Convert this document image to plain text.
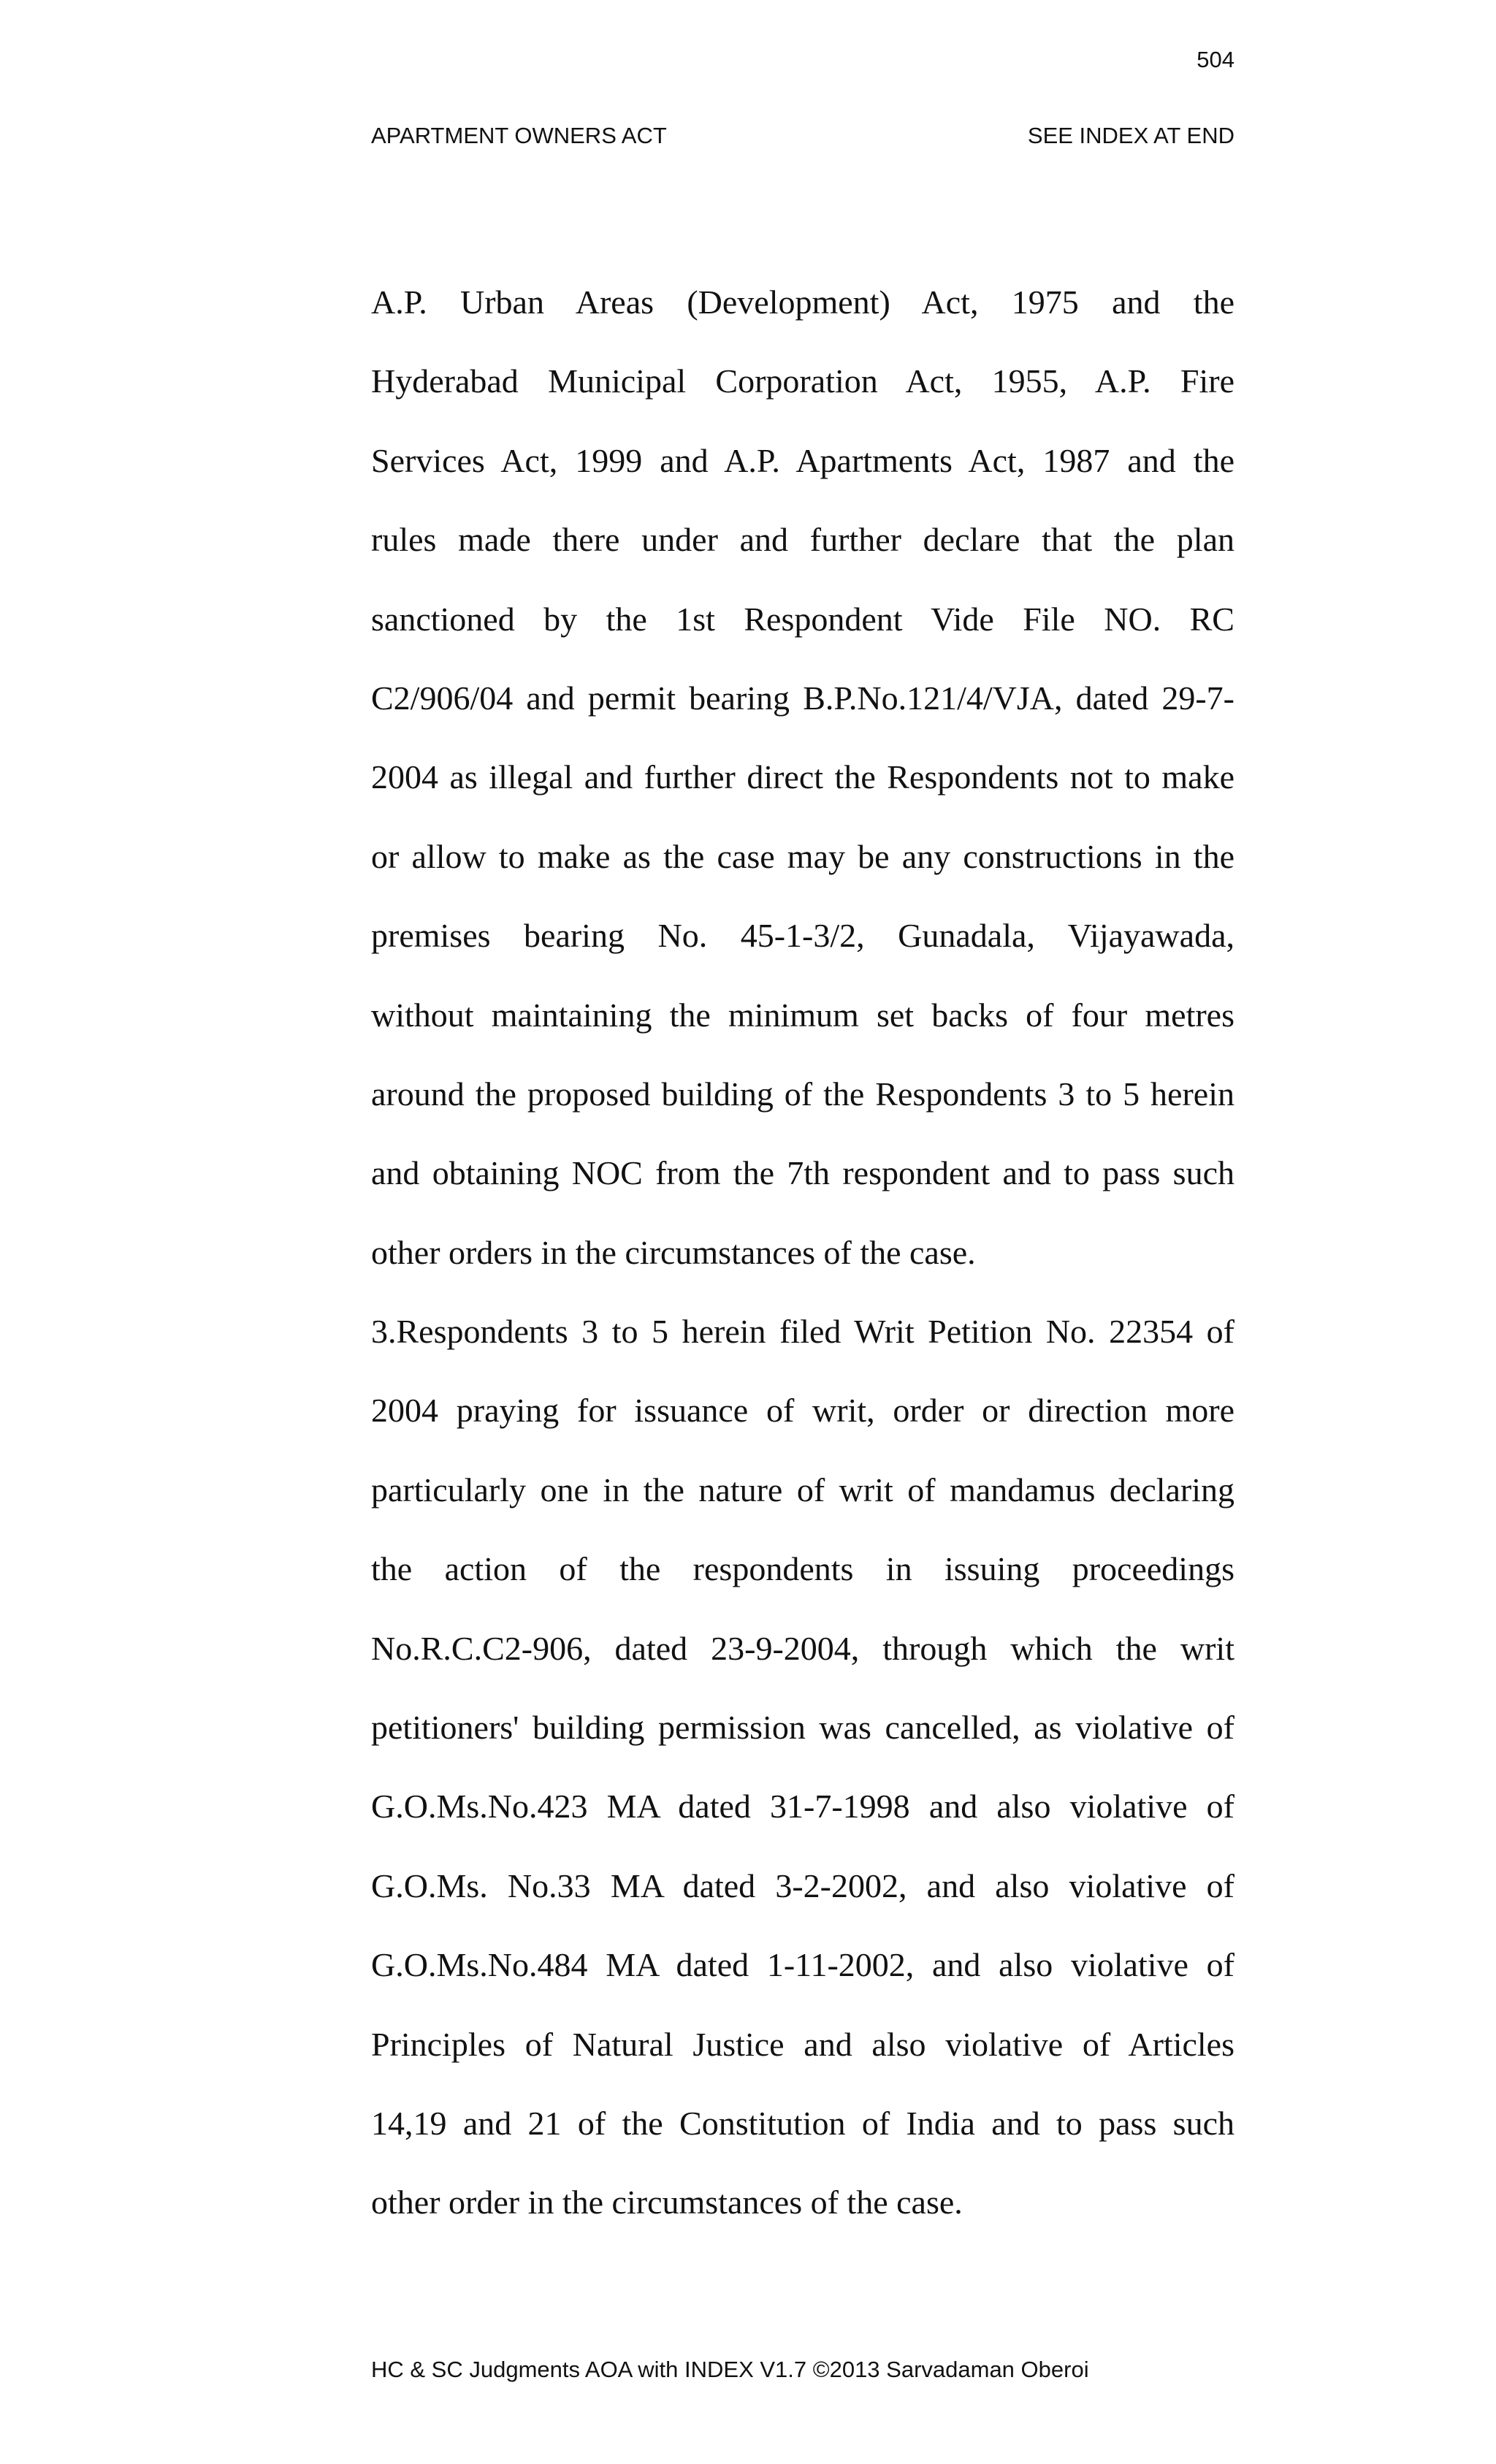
504
APARTMENT OWNERS ACT	SEE INDEX AT END
A.P. Urban Areas (Development) Act, 1975 and the
Hyderabad Municipal Corporation Act, 1955, A.P. Fire
Services Act, 1999 and A.P. Apartments Act, 1987 and the
rules made there under and further declare that the plan
sanctioned by the 1st Respondent Vide File NO. RC
C2/906/04 and permit bearing B.P.No.121/4/VJA, dated 29-7-
2004 as illegal and further direct the Respondents not to make
or allow to make as the case may be any constructions in the
premises bearing No. 45-1-3/2, Gunadala, Vijayawada,
without maintaining the minimum set backs of four metres
around the proposed building of the Respondents 3 to 5 herein
and obtaining NOC from the 7th respondent and to pass such
other orders in the circumstances of the case.
3.Respondents 3 to 5 herein filed Writ Petition No. 22354 of
2004 praying for issuance of writ, order or direction more
particularly one in the nature of writ of mandamus declaring
the action of the respondents in issuing proceedings
No.R.C.C2-906, dated 23-9-2004, through which the writ
petitioners' building permission was cancelled, as violative of
G.O.Ms.No.423 MA dated 31-7-1998 and also violative of
G.O.Ms. No.33 MA dated 3-2-2002, and also violative of
G.O.Ms.No.484 MA dated 1-11-2002, and also violative of
Principles of Natural Justice and also violative of Articles
14,19 and 21 of the Constitution of India and to pass such
other order in the circumstances of the case.
HC & SC Judgments AOA with INDEX V1.7 ©2013 Sarvadaman Oberoi
